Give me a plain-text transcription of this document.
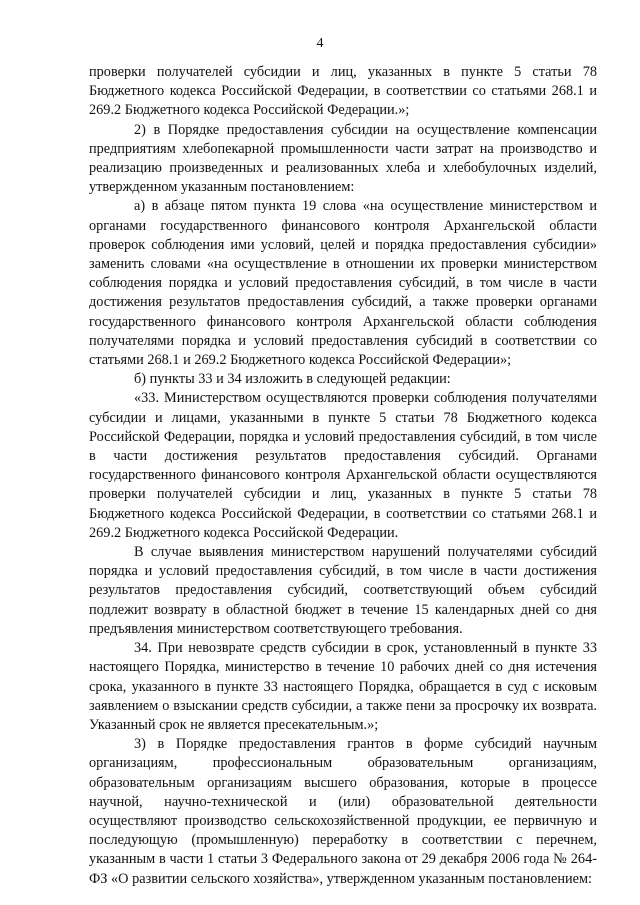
4

проверки получателей субсидии и лиц, указанных в пункте 5 статьи 78 Бюджетного кодекса Российской Федерации, в соответствии со статьями 268.1 и 269.2 Бюджетного кодекса Российской Федерации.»;

2) в Порядке предоставления субсидии на осуществление компенсации предприятиям хлебопекарной промышленности части затрат на производство и реализацию произведенных и реализованных хлеба и хлебобулочных изделий, утвержденном указанным постановлением:

а) в абзаце пятом пункта 19 слова «на осуществление министерством и органами государственного финансового контроля Архангельской области проверок соблюдения ими условий, целей и порядка предоставления субсидии» заменить словами «на осуществление в отношении их проверки министерством соблюдения порядка и условий предоставления субсидий, в том числе в части достижения результатов предоставления субсидий, а также проверки органами государственного финансового контроля Архангельской области соблюдения получателями порядка и условий предоставления субсидий в соответствии со статьями 268.1 и 269.2 Бюджетного кодекса Российской Федерации»;

б) пункты 33 и 34 изложить в следующей редакции:

«33. Министерством осуществляются проверки соблюдения получателями субсидии и лицами, указанными в пункте 5 статьи 78 Бюджетного кодекса Российской Федерации, порядка и условий предоставления субсидий, в том числе в части достижения результатов предоставления субсидий. Органами государственного финансового контроля Архангельской области осуществляются проверки получателей субсидии и лиц, указанных в пункте 5 статьи 78 Бюджетного кодекса Российской Федерации, в соответствии со статьями 268.1 и 269.2 Бюджетного кодекса Российской Федерации.

В случае выявления министерством нарушений получателями субсидий порядка и условий предоставления субсидий, в том числе в части достижения результатов предоставления субсидий, соответствующий объем субсидий подлежит возврату в областной бюджет в течение 15 календарных дней со дня предъявления министерством соответствующего требования.

34. При невозврате средств субсидии в срок, установленный в пункте 33 настоящего Порядка, министерство в течение 10 рабочих дней со дня истечения срока, указанного в пункте 33 настоящего Порядка, обращается в суд с исковым заявлением о взыскании средств субсидии, а также пени за просрочку их возврата. Указанный срок не является пресекательным.»;

3) в Порядке предоставления грантов в форме субсидий научным организациям, профессиональным образовательным организациям, образовательным организациям высшего образования, которые в процессе научной, научно-технической и (или) образовательной деятельности осуществляют производство сельскохозяйственной продукции, ее первичную и последующую (промышленную) переработку в соответствии с перечнем, указанным в части 1 статьи 3 Федерального закона от 29 декабря 2006 года № 264-ФЗ «О развитии сельского хозяйства», утвержденном указанным постановлением:
